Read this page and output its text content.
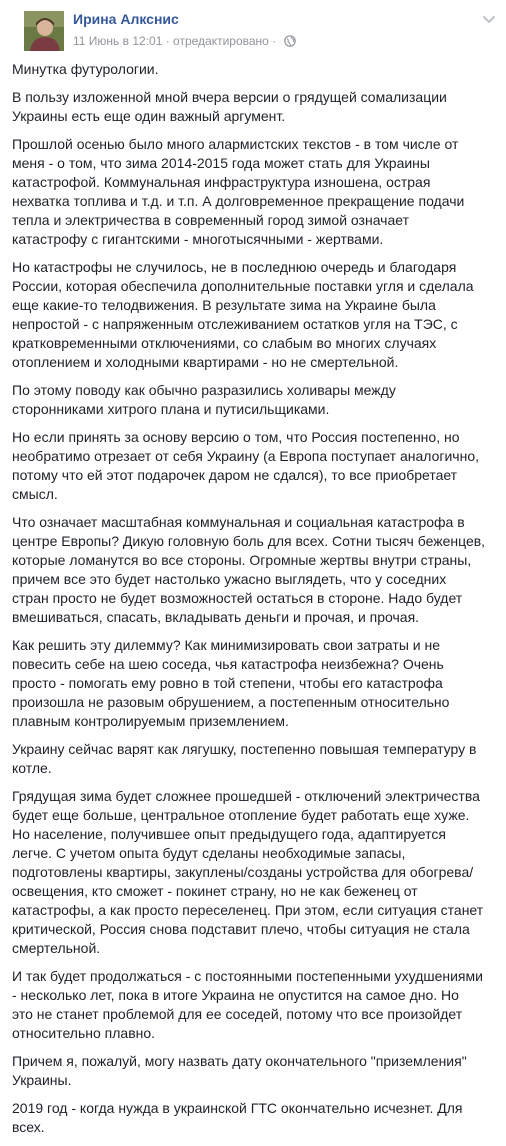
Ирина Алкснис
11 Июнь в 12:01 · отредактировано ·

Минутка футурологии.

В пользу изложенной мной вчера версии о грядущей сомализации
Украины есть еще один важный аргумент.

Прошлой осенью было много алармистских текстов - в том числе от
меня - о том, что зима 2014-2015 года может стать для Украины
катастрофой. Коммунальная инфраструктура изношена, острая
нехватка топлива и т.д. и т.п. А долговременное прекращение подачи
тепла и электричества в современный город зимой означает
катастрофу с гигантскими - многотысячными - жертвами.

Но катастрофы не случилось, не в последнюю очередь и благодаря
России, которая обеспечила дополнительные поставки угля и сделала
еще какие-то телодвижения. В результате зима на Украине была
непростой - с напряженным отслеживанием остатков угля на ТЭС, с
кратковременными отключениями, со слабым во многих случаях
отоплением и холодными квартирами - но не смертельной.

По этому поводу как обычно разразились холивары между
сторонниками хитрого плана и путисильщиками.

Но если принять за основу версию о том, что Россия постепенно, но
необратимо отрезает от себя Украину (а Европа поступает аналогично,
потому что ей этот подарочек даром не сдался), то все приобретает
смысл.

Что означает масштабная коммунальная и социальная катастрофа в
центре Европы? Дикую головную боль для всех. Сотни тысяч беженцев,
которые ломанутся во все стороны. Огромные жертвы внутри страны,
причем все это будет настолько ужасно выглядеть, что у соседних
стран просто не будет возможностей остаться в стороне. Надо будет
вмешиваться, спасать, вкладывать деньги и прочая, и прочая.

Как решить эту дилемму? Как минимизировать свои затраты и не
повесить себе на шею соседа, чья катастрофа неизбежна? Очень
просто - помогать ему ровно в той степени, чтобы его катастрофа
произошла не разовым обрушением, а постепенным относительно
плавным контролируемым приземлением.

Украину сейчас варят как лягушку, постепенно повышая температуру в
котле.

Грядущая зима будет сложнее прошедшей - отключений электричества
будет еще больше, центральное отопление будет работать еще хуже.
Но население, получившее опыт предыдущего года, адаптируется
легче. С учетом опыта будут сделаны необходимые запасы,
подготовлены квартиры, закуплены/созданы устройства для обогрева/
освещения, кто сможет - покинет страну, но не как беженец от
катастрофы, а как просто переселенец. При этом, если ситуация станет
критической, Россия снова подставит плечо, чтобы ситуация не стала
смертельной.

И так будет продолжаться - с постоянными постепенными ухудшениями
- несколько лет, пока в итоге Украина не опустится на самое дно. Но
это не станет проблемой для ее соседей, потому что все произойдет
относительно плавно.

Причем я, пожалуй, могу назвать дату окончательного "приземления"
Украины.

2019 год - когда нужда в украинской ГТС окончательно исчезнет. Для
всех.
